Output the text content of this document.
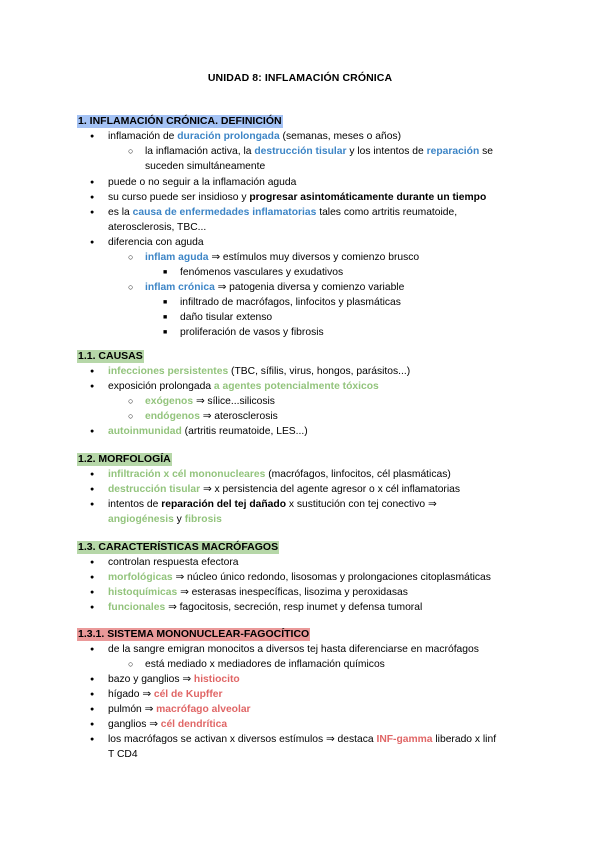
UNIDAD 8: INFLAMACIÓN CRÓNICA
1. INFLAMACIÓN CRÓNICA. DEFINICIÓN
● inflamación de duración prolongada (semanas, meses o años)
○ la inflamación activa, la destrucción tisular y los intentos de reparación se
suceden simultáneamente
● puede o no seguir a la inflamación aguda
● su curso puede ser insidioso y progresar asintomáticamente durante un tiempo
● es la causa de enfermedades inflamatorias tales como artritis reumatoide,
aterosclerosis, TBC...
● diferencia con aguda
○ inflam aguda ⇒ estímulos muy diversos y comienzo brusco
■ fenómenos vasculares y exudativos
○ inflam crónica ⇒ patogenia diversa y comienzo variable
■ infiltrado de macrófagos, linfocitos y plasmáticas
■ daño tisular extenso
■ proliferación de vasos y fibrosis
1.1. CAUSAS
● infecciones persistentes (TBC, sífilis, virus, hongos, parásitos...)
● exposición prolongada a agentes potencialmente tóxicos
○ exógenos ⇒ sílice...silicosis
○ endógenos ⇒ aterosclerosis
● autoinmunidad (artritis reumatoide, LES...)
1.2. MORFOLOGÍA
● infiltración x cél mononucleares (macrófagos, linfocitos, cél plasmáticas)
● destrucción tisular ⇒ x persistencia del agente agresor o x cél inflamatorias
● intentos de reparación del tej dañado x sustitución con tej conectivo ⇒
angiogénesis y fibrosis
1.3. CARACTERÍSTICAS MACRÓFAGOS
● controlan respuesta efectora
● morfológicas ⇒ núcleo único redondo, lisosomas y prolongaciones citoplasmáticas
● histoquímicas ⇒ esterasas inespecíficas, lisozima y peroxidasas
● funcionales ⇒ fagocitosis, secreción, resp inumet y defensa tumoral
1.3.1. SISTEMA MONONUCLEAR-FAGOCÍTICO
● de la sangre emigran monocitos a diversos tej hasta diferenciarse en macrófagos
○ está mediado x mediadores de inflamación químicos
● bazo y ganglios ⇒ histiocito
● hígado ⇒ cél de Kupffer
● pulmón ⇒ macrófago alveolar
● ganglios ⇒ cél dendrítica
● los macrófagos se activan x diversos estímulos ⇒ destaca INF-gamma liberado x linf
T CD4
